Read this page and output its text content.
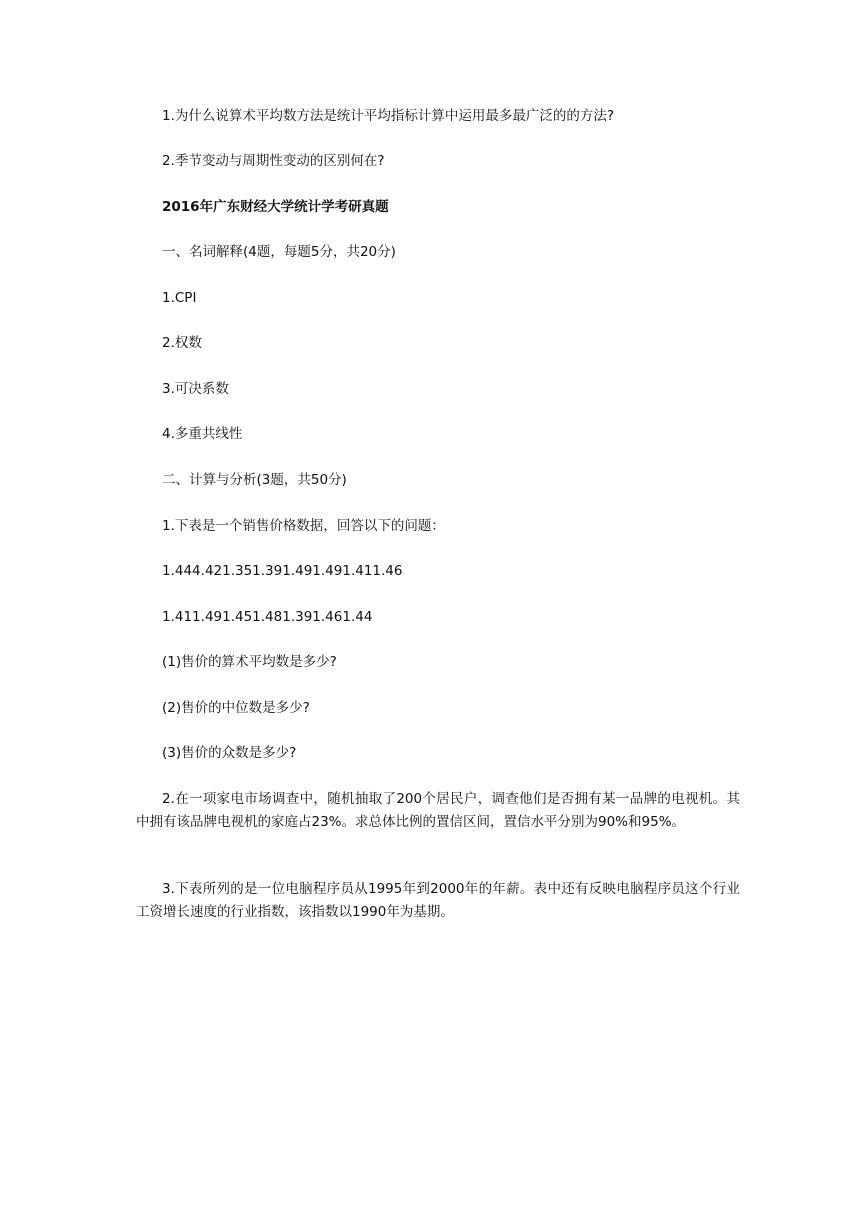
1.为什么说算术平均数方法是统计平均指标计算中运用最多最广泛的的方法?
2.季节变动与周期性变动的区别何在?
2016年广东财经大学统计学考研真题
一、名词解释(4题，每题5分，共20分)
1.CPI
2.权数
3.可决系数
4.多重共线性
二、计算与分析(3题，共50分)
1.下表是一个销售价格数据，回答以下的问题：
1.444.421.351.391.491.491.411.46
1.411.491.451.481.391.461.44
(1)售价的算术平均数是多少?
(2)售价的中位数是多少?
(3)售价的众数是多少?
2.在一项家电市场调查中，随机抽取了200个居民户，调查他们是否拥有某一品牌的电视机。其中拥有该品牌电视机的家庭占23%。求总体比例的置信区间，置信水平分别为90%和95%。
3.下表所列的是一位电脑程序员从1995年到2000年的年薪。表中还有反映电脑程序员这个行业工资增长速度的行业指数，该指数以1990年为基期。
